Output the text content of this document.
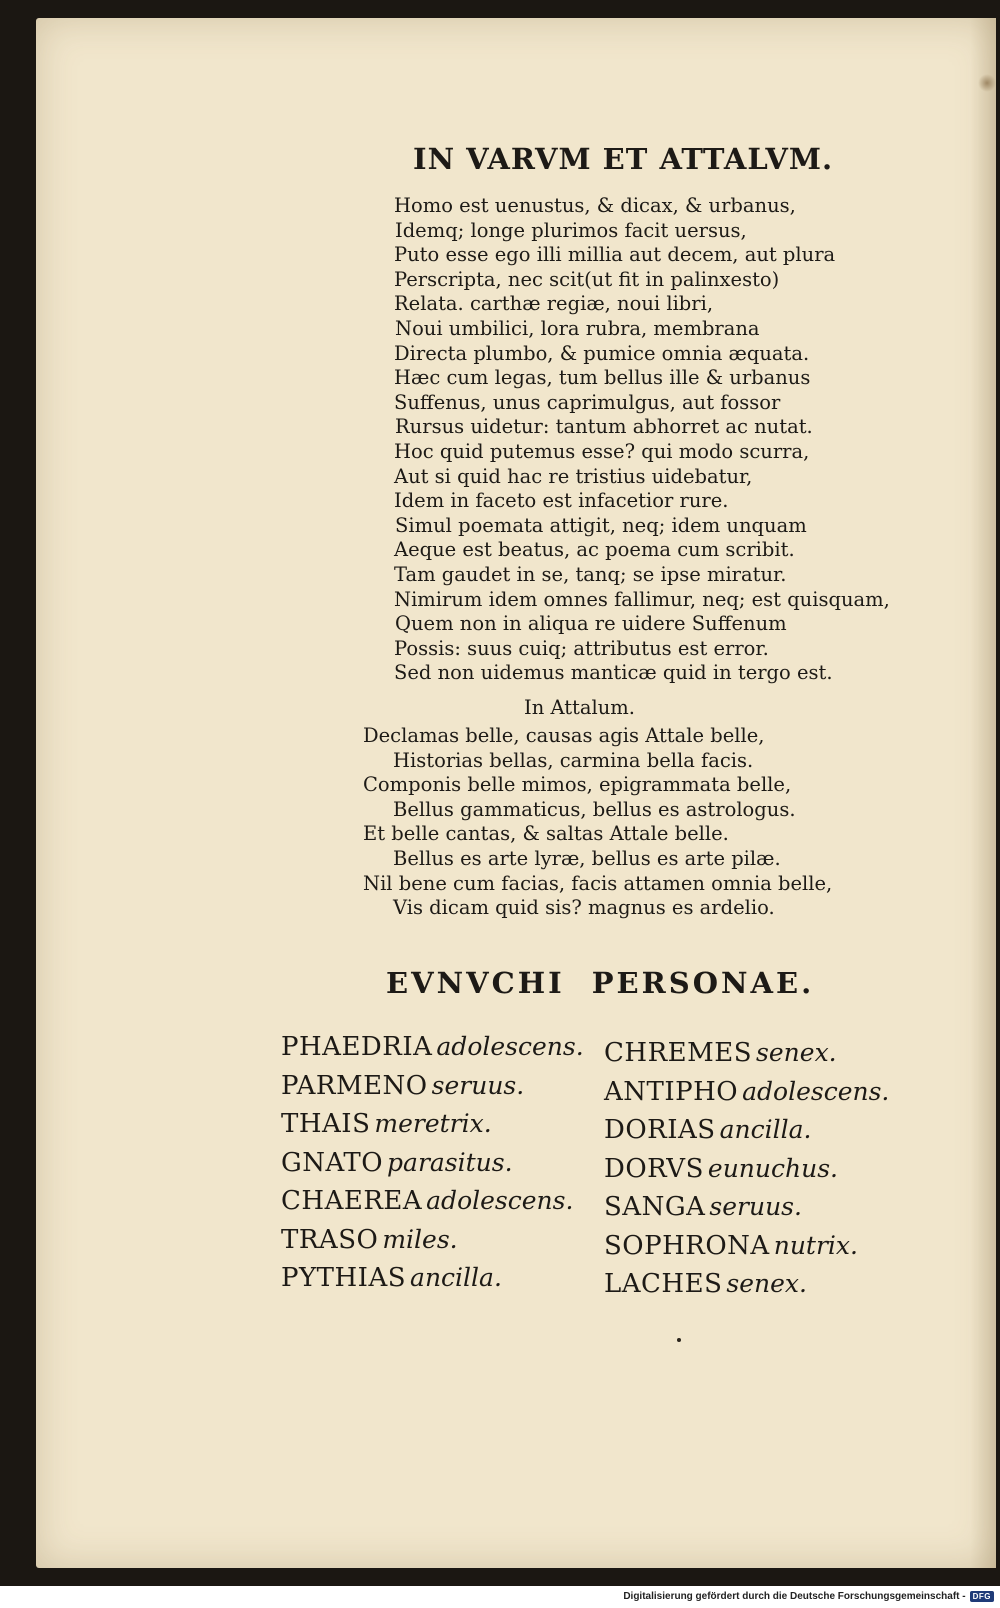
IN VARVM ET ATTALVM.
Homo est uenustus, & dicax, & urbanus,
Idemq; longe plurimos facit uersus,
Puto esse ego illi millia aut decem, aut plura
Perscripta, nec scit(ut fit in palinxesto)
Relata. carthæ regiæ, noui libri,
Noui umbilici, lora rubra, membrana
Directa plumbo, & pumice omnia æquata.
Hæc cum legas, tum bellus ille & urbanus
Suffenus, unus caprimulgus, aut fossor
Rursus uidetur: tantum abhorret ac nutat.
Hoc quid putemus esse? qui modo scurra,
Aut si quid hac re tristius uidebatur,
Idem in faceto est infacetior rure.
Simul poemata attigit, neq; idem unquam
Aeque est beatus, ac poema cum scribit.
Tam gaudet in se, tanq; se ipse miratur.
Nimirum idem omnes fallimur, neq; est quisquam,
Quem non in aliqua re uidere Suffenum
Possis: suus cuiq; attributus est error.
Sed non uidemus manticæ quid in tergo est.

In Attalum.

Declamas belle, causas agis Attale belle,
Historias bellas, carmina bella facis.
Componis belle mimos, epigrammata belle,
Bellus gammaticus, bellus es astrologus.
Et belle cantas, & saltas Attale belle.
Bellus es arte lyræ, bellus es arte pilæ.
Nil bene cum facias, facis attamen omnia belle,
Vis dicam quid sis? magnus es ardelio.
EVNVCHI PERSONAE.
PHAEDRIA adolescens.
PARMENO seruus.
THAIS meretrix.
GNATO parasitus.
CHAEREA adolescens.
TRASO miles.
PYTHIAS ancilla.
CHREMES senex.
ANTIPHO adolescens.
DORIAS ancilla.
DORVS eunuchus.
SANGA seruus.
SOPHRONA nutrix.
LACHES senex.
Digitalisierung gefördert durch die Deutsche Forschungsgemeinschaft - DFG
